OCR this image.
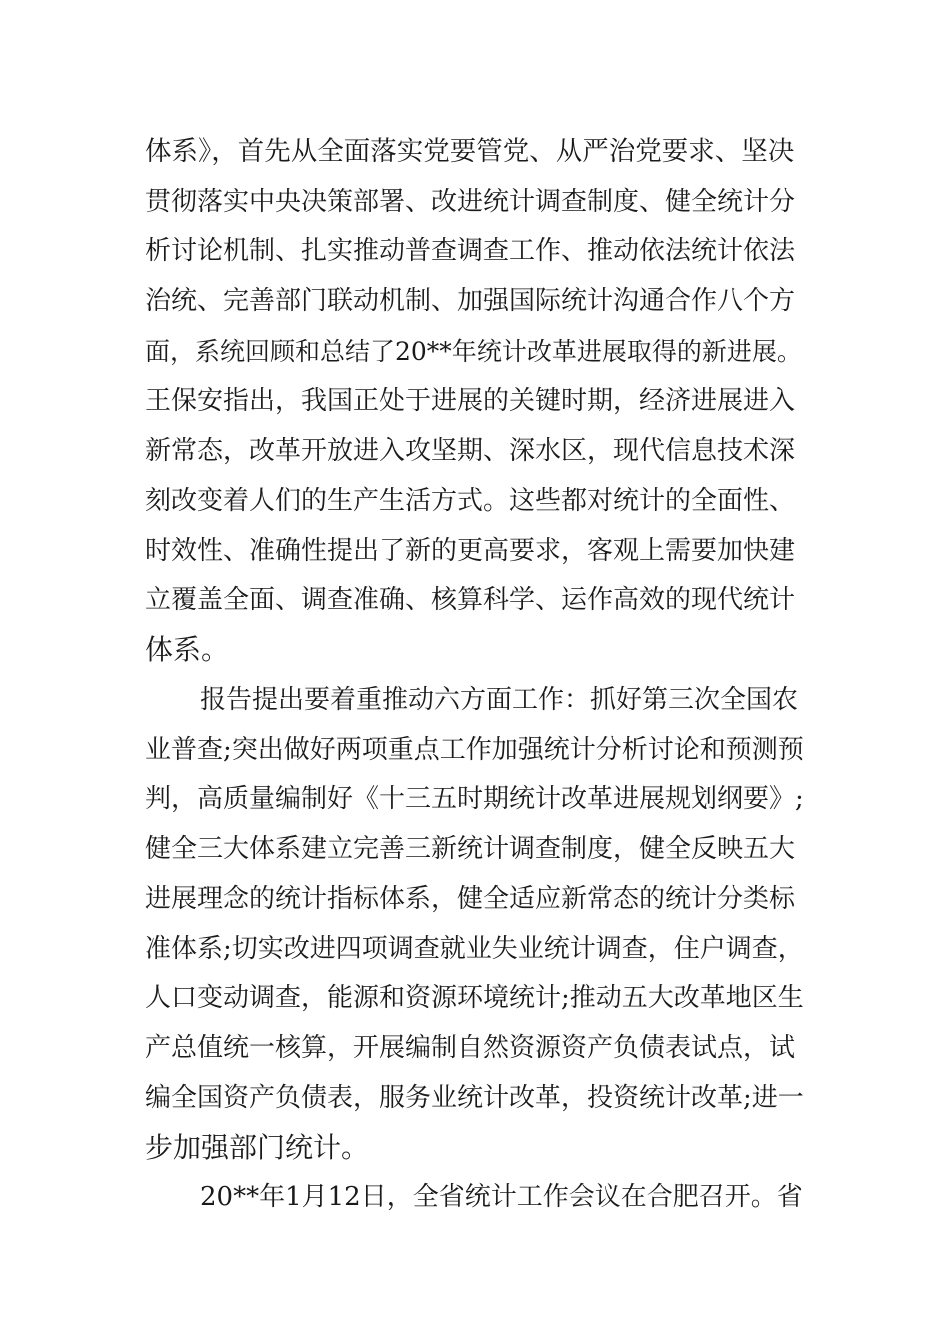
体系》，首先从全面落实党要管党、从严治党要求、坚决
贯彻落实中央决策部署、改进统计调查制度、健全统计分
析讨论机制、扎实推动普查调查工作、推动依法统计依法
治统、完善部门联动机制、加强国际统计沟通合作八个方
面，系统回顾和总结了20**年统计改革进展取得的新进展。
王保安指出，我国正处于进展的关键时期，经济进展进入
新常态，改革开放进入攻坚期、深水区，现代信息技术深
刻改变着人们的生产生活方式。这些都对统计的全面性、
时效性、准确性提出了新的更高要求，客观上需要加快建
立覆盖全面、调查准确、核算科学、运作高效的现代统计
体系。
报告提出要着重推动六方面工作：抓好第三次全国农
业普查;突出做好两项重点工作加强统计分析讨论和预测预
判，高质量编制好《十三五时期统计改革进展规划纲要》;
健全三大体系建立完善三新统计调查制度，健全反映五大
进展理念的统计指标体系，健全适应新常态的统计分类标
准体系;切实改进四项调查就业失业统计调查，住户调查，
人口变动调查，能源和资源环境统计;推动五大改革地区生
产总值统一核算，开展编制自然资源资产负债表试点，试
编全国资产负债表，服务业统计改革，投资统计改革;进一
步加强部门统计。
20**年1月12日，全省统计工作会议在合肥召开。省
